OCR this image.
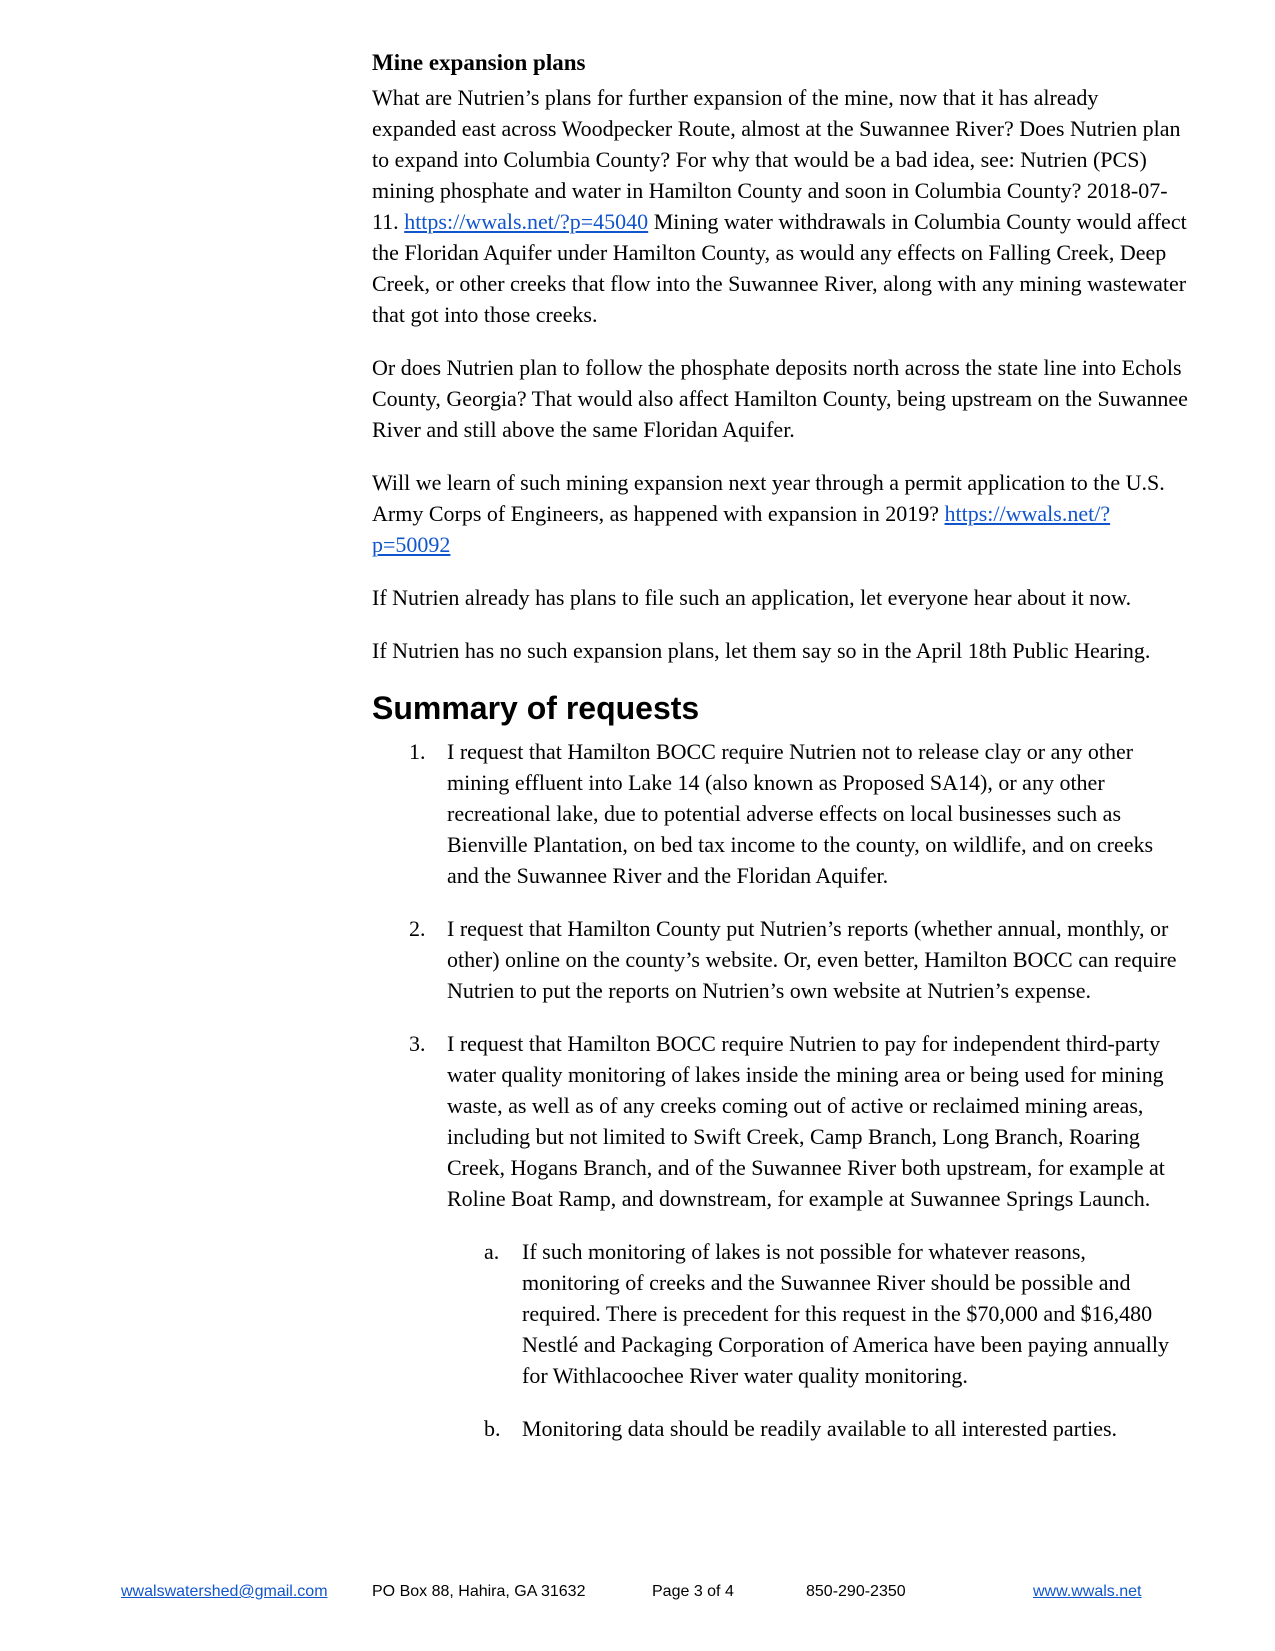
Mine expansion plans

What are Nutrien’s plans for further expansion of the mine, now that it has already expanded east across Woodpecker Route, almost at the Suwannee River? Does Nutrien plan to expand into Columbia County? For why that would be a bad idea, see: Nutrien (PCS) mining phosphate and water in Hamilton County and soon in Columbia County? 2018-07-11. https://wwals.net/?p=45040 Mining water withdrawals in Columbia County would affect the Floridan Aquifer under Hamilton County, as would any effects on Falling Creek, Deep Creek, or other creeks that flow into the Suwannee River, along with any mining wastewater that got into those creeks.

Or does Nutrien plan to follow the phosphate deposits north across the state line into Echols County, Georgia? That would also affect Hamilton County, being upstream on the Suwannee River and still above the same Floridan Aquifer.

Will we learn of such mining expansion next year through a permit application to the U.S. Army Corps of Engineers, as happened with expansion in 2019? https://wwals.net/?p=50092

If Nutrien already has plans to file such an application, let everyone hear about it now.

If Nutrien has no such expansion plans, let them say so in the April 18th Public Hearing.

Summary of requests
1. I request that Hamilton BOCC require Nutrien not to release clay or any other mining effluent into Lake 14 (also known as Proposed SA14), or any other recreational lake, due to potential adverse effects on local businesses such as Bienville Plantation, on bed tax income to the county, on wildlife, and on creeks and the Suwannee River and the Floridan Aquifer.
2. I request that Hamilton County put Nutrien’s reports (whether annual, monthly, or other) online on the county’s website. Or, even better, Hamilton BOCC can require Nutrien to put the reports on Nutrien’s own website at Nutrien’s expense.
3. I request that Hamilton BOCC require Nutrien to pay for independent third-party water quality monitoring of lakes inside the mining area or being used for mining waste, as well as of any creeks coming out of active or reclaimed mining areas, including but not limited to Swift Creek, Camp Branch, Long Branch, Roaring Creek, Hogans Branch, and of the Suwannee River both upstream, for example at Roline Boat Ramp, and downstream, for example at Suwannee Springs Launch.
a. If such monitoring of lakes is not possible for whatever reasons, monitoring of creeks and the Suwannee River should be possible and required. There is precedent for this request in the $70,000 and $16,480 Nestlé and Packaging Corporation of America have been paying annually for Withlacoochee River water quality monitoring.
b. Monitoring data should be readily available to all interested parties.
wwalswatershed@gmail.com	PO Box 88, Hahira, GA 31632	Page 3 of 4	850-290-2350	www.wwals.net
